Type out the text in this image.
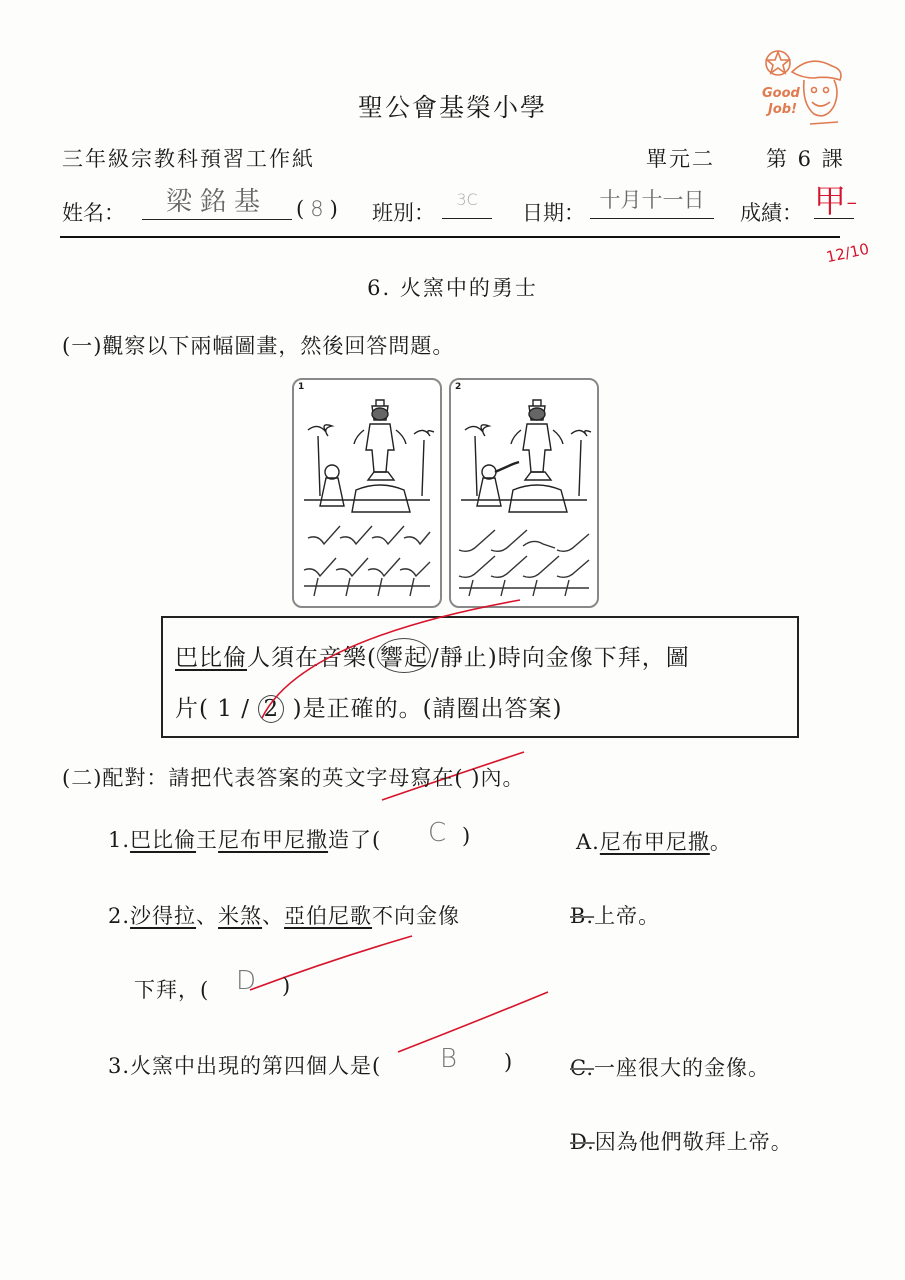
Good
Job!
聖公會基榮小學
三年級宗教科預習工作紙	單元二 第 6 課
姓名：	梁銘基	( 8 ) 班別：
3C
日期：
十月十一日
成績： 甲-
12/10
6. 火窯中的勇士
(一)觀察以下兩幅圖畫，然後回答問題。
1	2
巴比倫人須在音樂( 響起 /靜止)時向金像下拜，圖
片( 1 / 2 )是正確的。(請圈出答案)
(二)配對：請把代表答案的英文字母寫在( )內。
1.巴比倫王尼布甲尼撒造了( C )
2.沙得拉、米煞、亞伯尼歌不向金像
下拜，( D )
3.火窯中出現的第四個人是( B )
A.尼布甲尼撒。
B.上帝。
C.一座很大的金像。
D.因為他們敬拜上帝。
